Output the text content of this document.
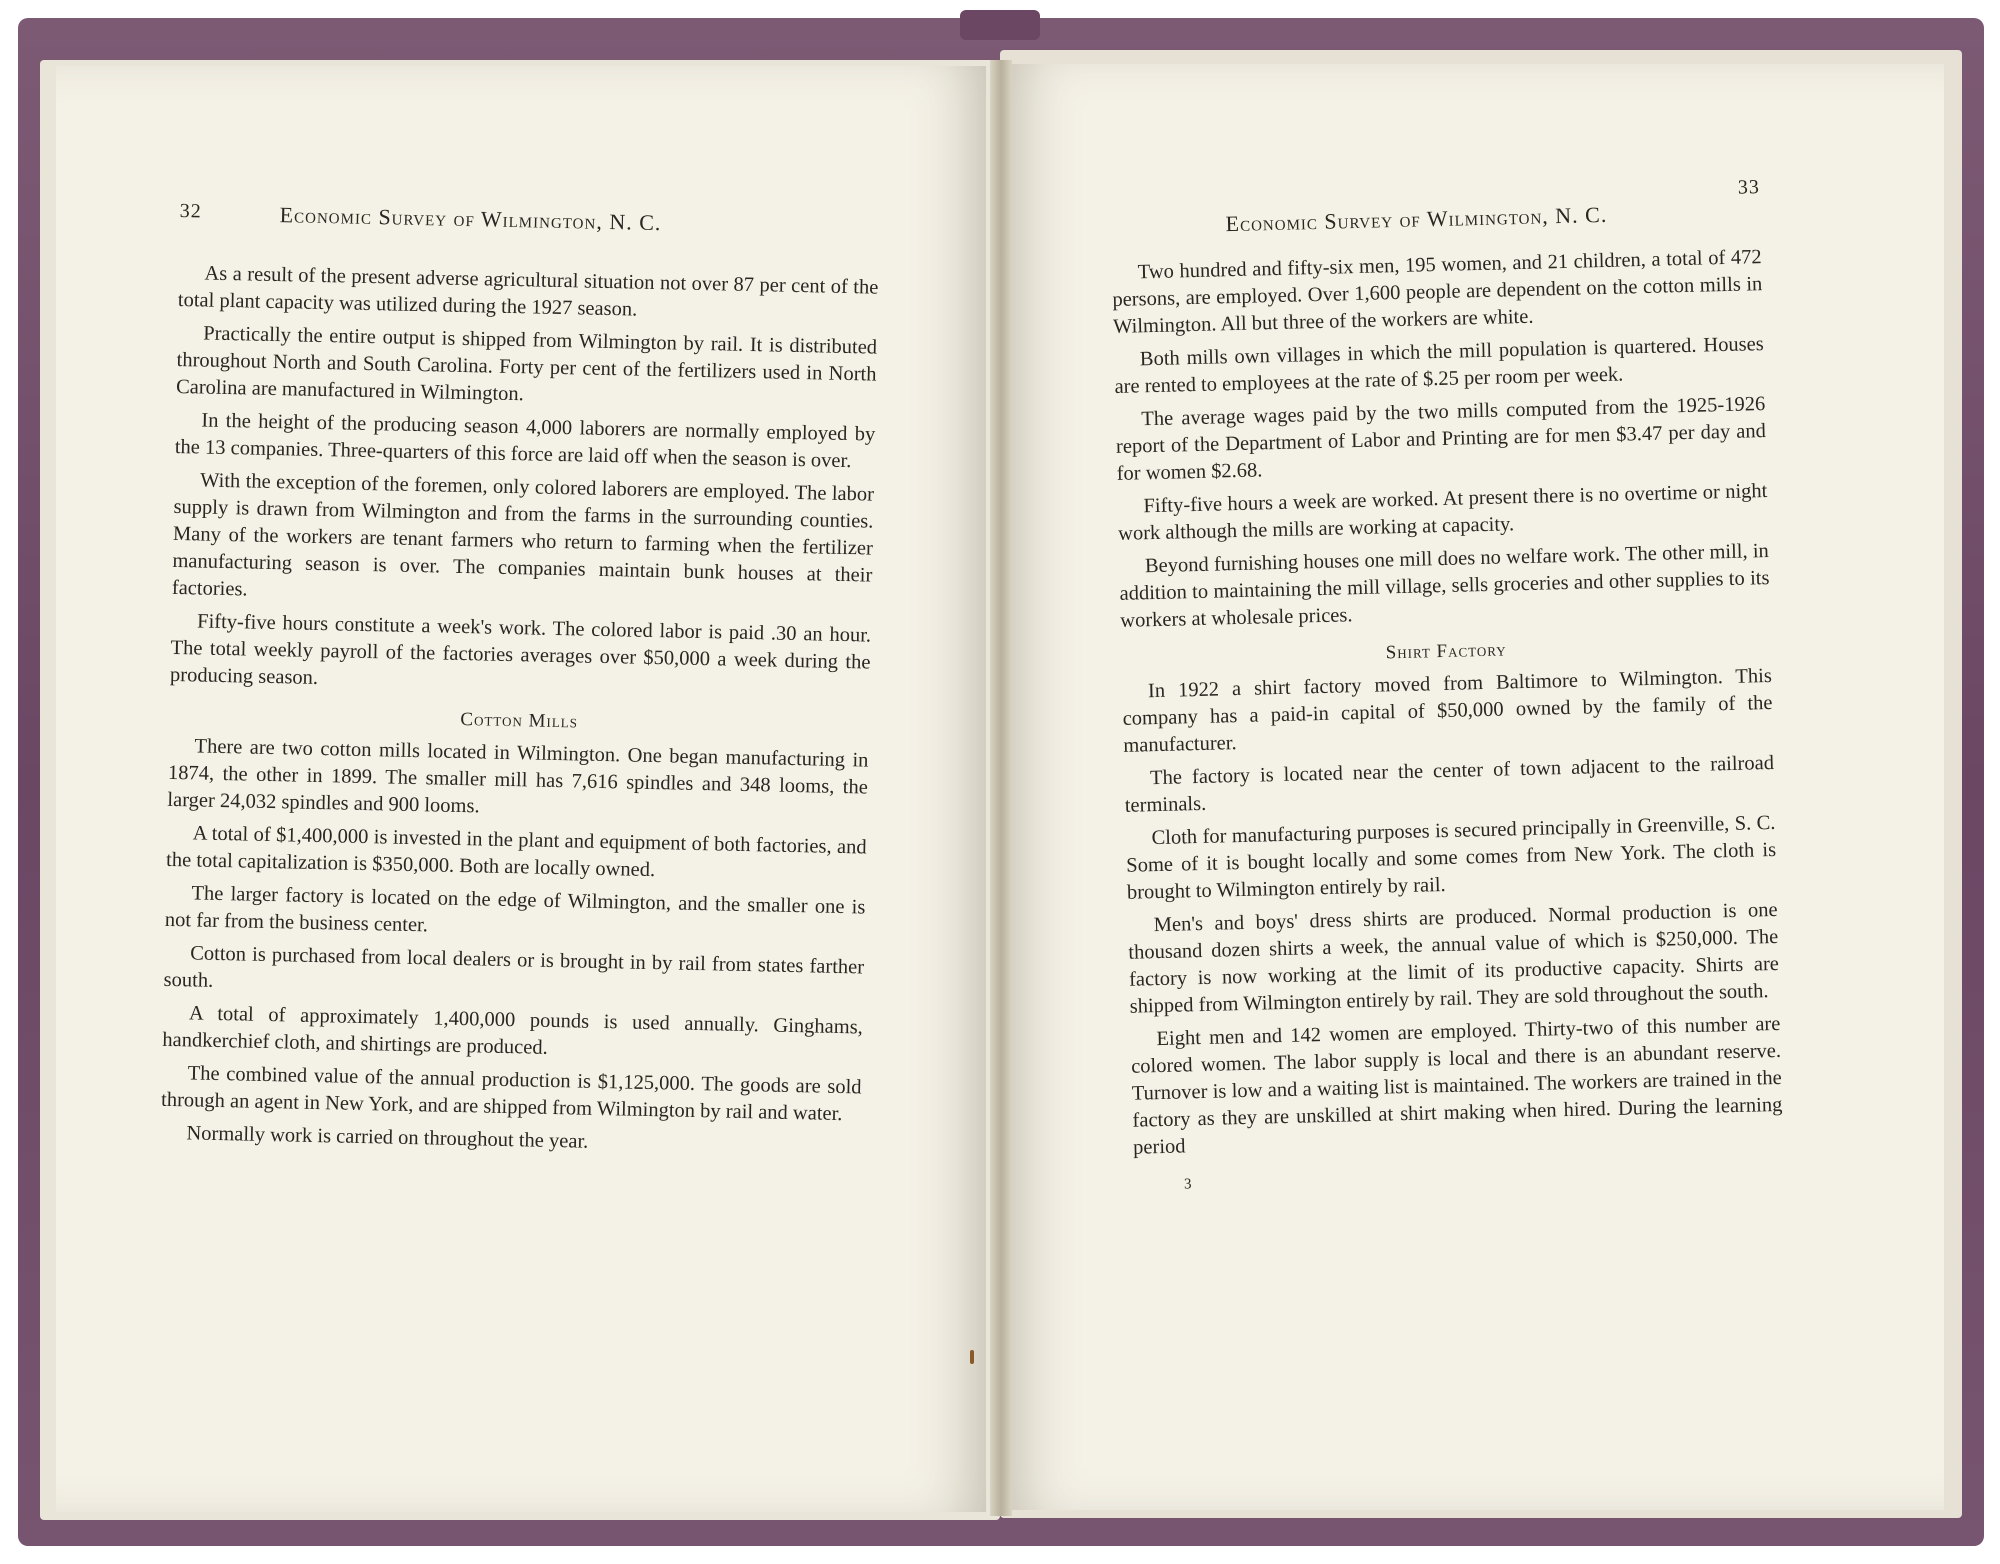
32	Economic Survey of Wilmington, N. C.

As a result of the present adverse agricultural situation not over 87 per cent of the total plant capacity was utilized during the 1927 season.

Practically the entire output is shipped from Wilmington by rail. It is distributed throughout North and South Carolina. Forty per cent of the fertilizers used in North Carolina are manufactured in Wilmington.

In the height of the producing season 4,000 laborers are normally employed by the 13 companies. Three-quarters of this force are laid off when the season is over.

With the exception of the foremen, only colored laborers are employed. The labor supply is drawn from Wilmington and from the farms in the surrounding counties. Many of the workers are tenant farmers who return to farming when the fertilizer manufacturing season is over. The companies maintain bunk houses at their factories.

Fifty-five hours constitute a week's work. The colored labor is paid .30 an hour. The total weekly payroll of the factories averages over $50,000 a week during the producing season.

Cotton Mills

There are two cotton mills located in Wilmington. One began manufacturing in 1874, the other in 1899. The smaller mill has 7,616 spindles and 348 looms, the larger 24,032 spindles and 900 looms.

A total of $1,400,000 is invested in the plant and equipment of both factories, and the total capitalization is $350,000. Both are locally owned.

The larger factory is located on the edge of Wilmington, and the smaller one is not far from the business center.

Cotton is purchased from local dealers or is brought in by rail from states farther south.

A total of approximately 1,400,000 pounds is used annually. Ginghams, handkerchief cloth, and shirtings are produced.

The combined value of the annual production is $1,125,000. The goods are sold through an agent in New York, and are shipped from Wilmington by rail and water.

Normally work is carried on throughout the year.

Economic Survey of Wilmington, N. C.
33

Two hundred and fifty-six men, 195 women, and 21 children, a total of 472 persons, are employed. Over 1,600 people are dependent on the cotton mills in Wilmington. All but three of the workers are white.

Both mills own villages in which the mill population is quartered. Houses are rented to employees at the rate of $.25 per room per week.

The average wages paid by the two mills computed from the 1925-1926 report of the Department of Labor and Printing are for men $3.47 per day and for women $2.68.

Fifty-five hours a week are worked. At present there is no overtime or night work although the mills are working at capacity.

Beyond furnishing houses one mill does no welfare work. The other mill, in addition to maintaining the mill village, sells groceries and other supplies to its workers at wholesale prices.

Shirt Factory

In 1922 a shirt factory moved from Baltimore to Wilmington. This company has a paid-in capital of $50,000 owned by the family of the manufacturer.

The factory is located near the center of town adjacent to the railroad terminals.

Cloth for manufacturing purposes is secured principally in Greenville, S. C. Some of it is bought locally and some comes from New York. The cloth is brought to Wilmington entirely by rail.

Men's and boys' dress shirts are produced. Normal production is one thousand dozen shirts a week, the annual value of which is $250,000. The factory is now working at the limit of its productive capacity. Shirts are shipped from Wilmington entirely by rail. They are sold throughout the south.

Eight men and 142 women are employed. Thirty-two of this number are colored women. The labor supply is local and there is an abundant reserve. Turnover is low and a waiting list is maintained. The workers are trained in the factory as they are unskilled at shirt making when hired. During the learning period

3
